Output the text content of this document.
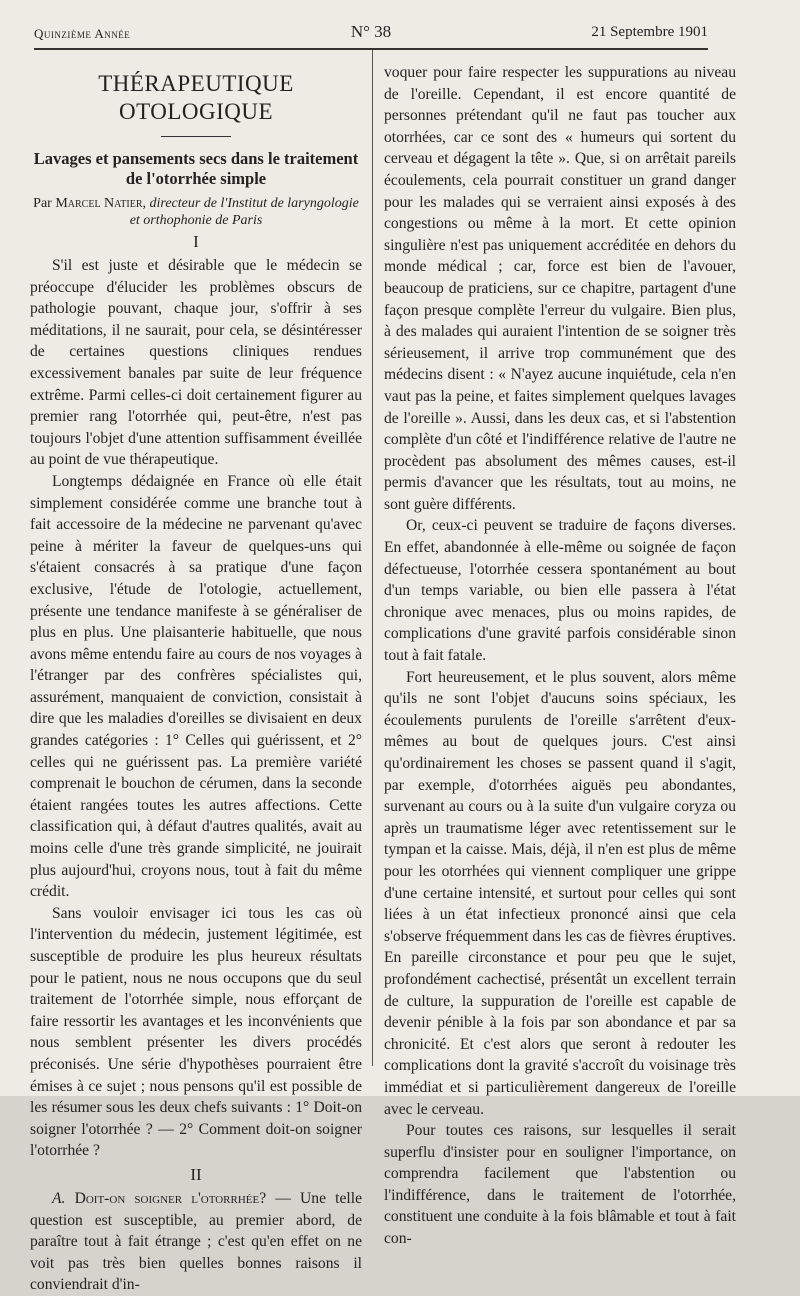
Quinzième Année	N° 38	21 Septembre 1901
THÉRAPEUTIQUE OTOLOGIQUE
Lavages et pansements secs dans le traitement de l'otorrhée simple
Par Marcel Natier, directeur de l'Institut de laryngologie et orthophonie de Paris
I

S'il est juste et désirable que le médecin se préoccupe d'élucider les problèmes obscurs de pathologie pouvant, chaque jour, s'offrir à ses méditations, il ne saurait, pour cela, se désintéresser de certaines questions cliniques rendues excessivement banales par suite de leur fréquence extrême. Parmi celles-ci doit certainement figurer au premier rang l'otorrhée qui, peut-être, n'est pas toujours l'objet d'une attention suffisamment éveillée au point de vue thérapeutique.

Longtemps dédaignée en France où elle était simplement considérée comme une branche tout à fait accessoire de la médecine ne parvenant qu'avec peine à mériter la faveur de quelques-uns qui s'étaient consacrés à sa pratique d'une façon exclusive, l'étude de l'otologie, actuellement, présente une tendance manifeste à se généraliser de plus en plus. Une plaisanterie habituelle, que nous avons même entendu faire au cours de nos voyages à l'étranger par des confrères spécialistes qui, assurément, manquaient de conviction, consistait à dire que les maladies d'oreilles se divisaient en deux grandes catégories : 1° Celles qui guérissent, et 2° celles qui ne guérissent pas. La première variété comprenait le bouchon de cérumen, dans la seconde étaient rangées toutes les autres affections. Cette classification qui, à défaut d'autres qualités, avait au moins celle d'une très grande simplicité, ne jouirait plus aujourd'hui, croyons nous, tout à fait du même crédit.

Sans vouloir envisager ici tous les cas où l'intervention du médecin, justement légitimée, est susceptible de produire les plus heureux résultats pour le patient, nous ne nous occupons que du seul traitement de l'otorrhée simple, nous efforçant de faire ressortir les avantages et les inconvénients que nous semblent présenter les divers procédés préconisés. Une série d'hypothèses pourraient être émises à ce sujet ; nous pensons qu'il est possible de les résumer sous les deux chefs suivants : 1° Doit-on soigner l'otorrhée ? — 2° Comment doit-on soigner l'otorrhée ?

II

A. Doit-on soigner l'otorrhée? — Une telle question est susceptible, au premier abord, de paraître tout à fait étrange ; c'est qu'en effet on ne voit pas très bien quelles bonnes raisons il conviendrait d'in-

voquer pour faire respecter les suppurations au niveau de l'oreille. Cependant, il est encore quantité de personnes prétendant qu'il ne faut pas toucher aux otorrhées, car ce sont des « humeurs qui sortent du cerveau et dégagent la tête ». Que, si on arrêtait pareils écoulements, cela pourrait constituer un grand danger pour les malades qui se verraient ainsi exposés à des congestions ou même à la mort. Et cette opinion singulière n'est pas uniquement accréditée en dehors du monde médical ; car, force est bien de l'avouer, beaucoup de praticiens, sur ce chapitre, partagent d'une façon presque complète l'erreur du vulgaire. Bien plus, à des malades qui auraient l'intention de se soigner très sérieusement, il arrive trop communément que des médecins disent : « N'ayez aucune inquiétude, cela n'en vaut pas la peine, et faites simplement quelques lavages de l'oreille ». Aussi, dans les deux cas, et si l'abstention complète d'un côté et l'indifférence relative de l'autre ne procèdent pas absolument des mêmes causes, est-il permis d'avancer que les résultats, tout au moins, ne sont guère différents.

Or, ceux-ci peuvent se traduire de façons diverses. En effet, abandonnée à elle-même ou soignée de façon défectueuse, l'otorrhée cessera spontanément au bout d'un temps variable, ou bien elle passera à l'état chronique avec menaces, plus ou moins rapides, de complications d'une gravité parfois considérable sinon tout à fait fatale.

Fort heureusement, et le plus souvent, alors même qu'ils ne sont l'objet d'aucuns soins spéciaux, les écoulements purulents de l'oreille s'arrêtent d'eux-mêmes au bout de quelques jours. C'est ainsi qu'ordinairement les choses se passent quand il s'agit, par exemple, d'otorrhées aiguës peu abondantes, survenant au cours ou à la suite d'un vulgaire coryza ou après un traumatisme léger avec retentissement sur le tympan et la caisse. Mais, déjà, il n'en est plus de même pour les otorrhées qui viennent compliquer une grippe d'une certaine intensité, et surtout pour celles qui sont liées à un état infectieux prononcé ainsi que cela s'observe fréquemment dans les cas de fièvres éruptives. En pareille circonstance et pour peu que le sujet, profondément cachectisé, présentât un excellent terrain de culture, la suppuration de l'oreille est capable de devenir pénible à la fois par son abondance et par sa chronicité. Et c'est alors que seront à redouter les complications dont la gravité s'accroît du voisinage très immédiat et si particulièrement dangereux de l'oreille avec le cerveau.

Pour toutes ces raisons, sur lesquelles il serait superflu d'insister pour en souligner l'importance, on comprendra facilement que l'abstention ou l'indifférence, dans le traitement de l'otorrhée, constituent une conduite à la fois blâmable et tout à fait con-
